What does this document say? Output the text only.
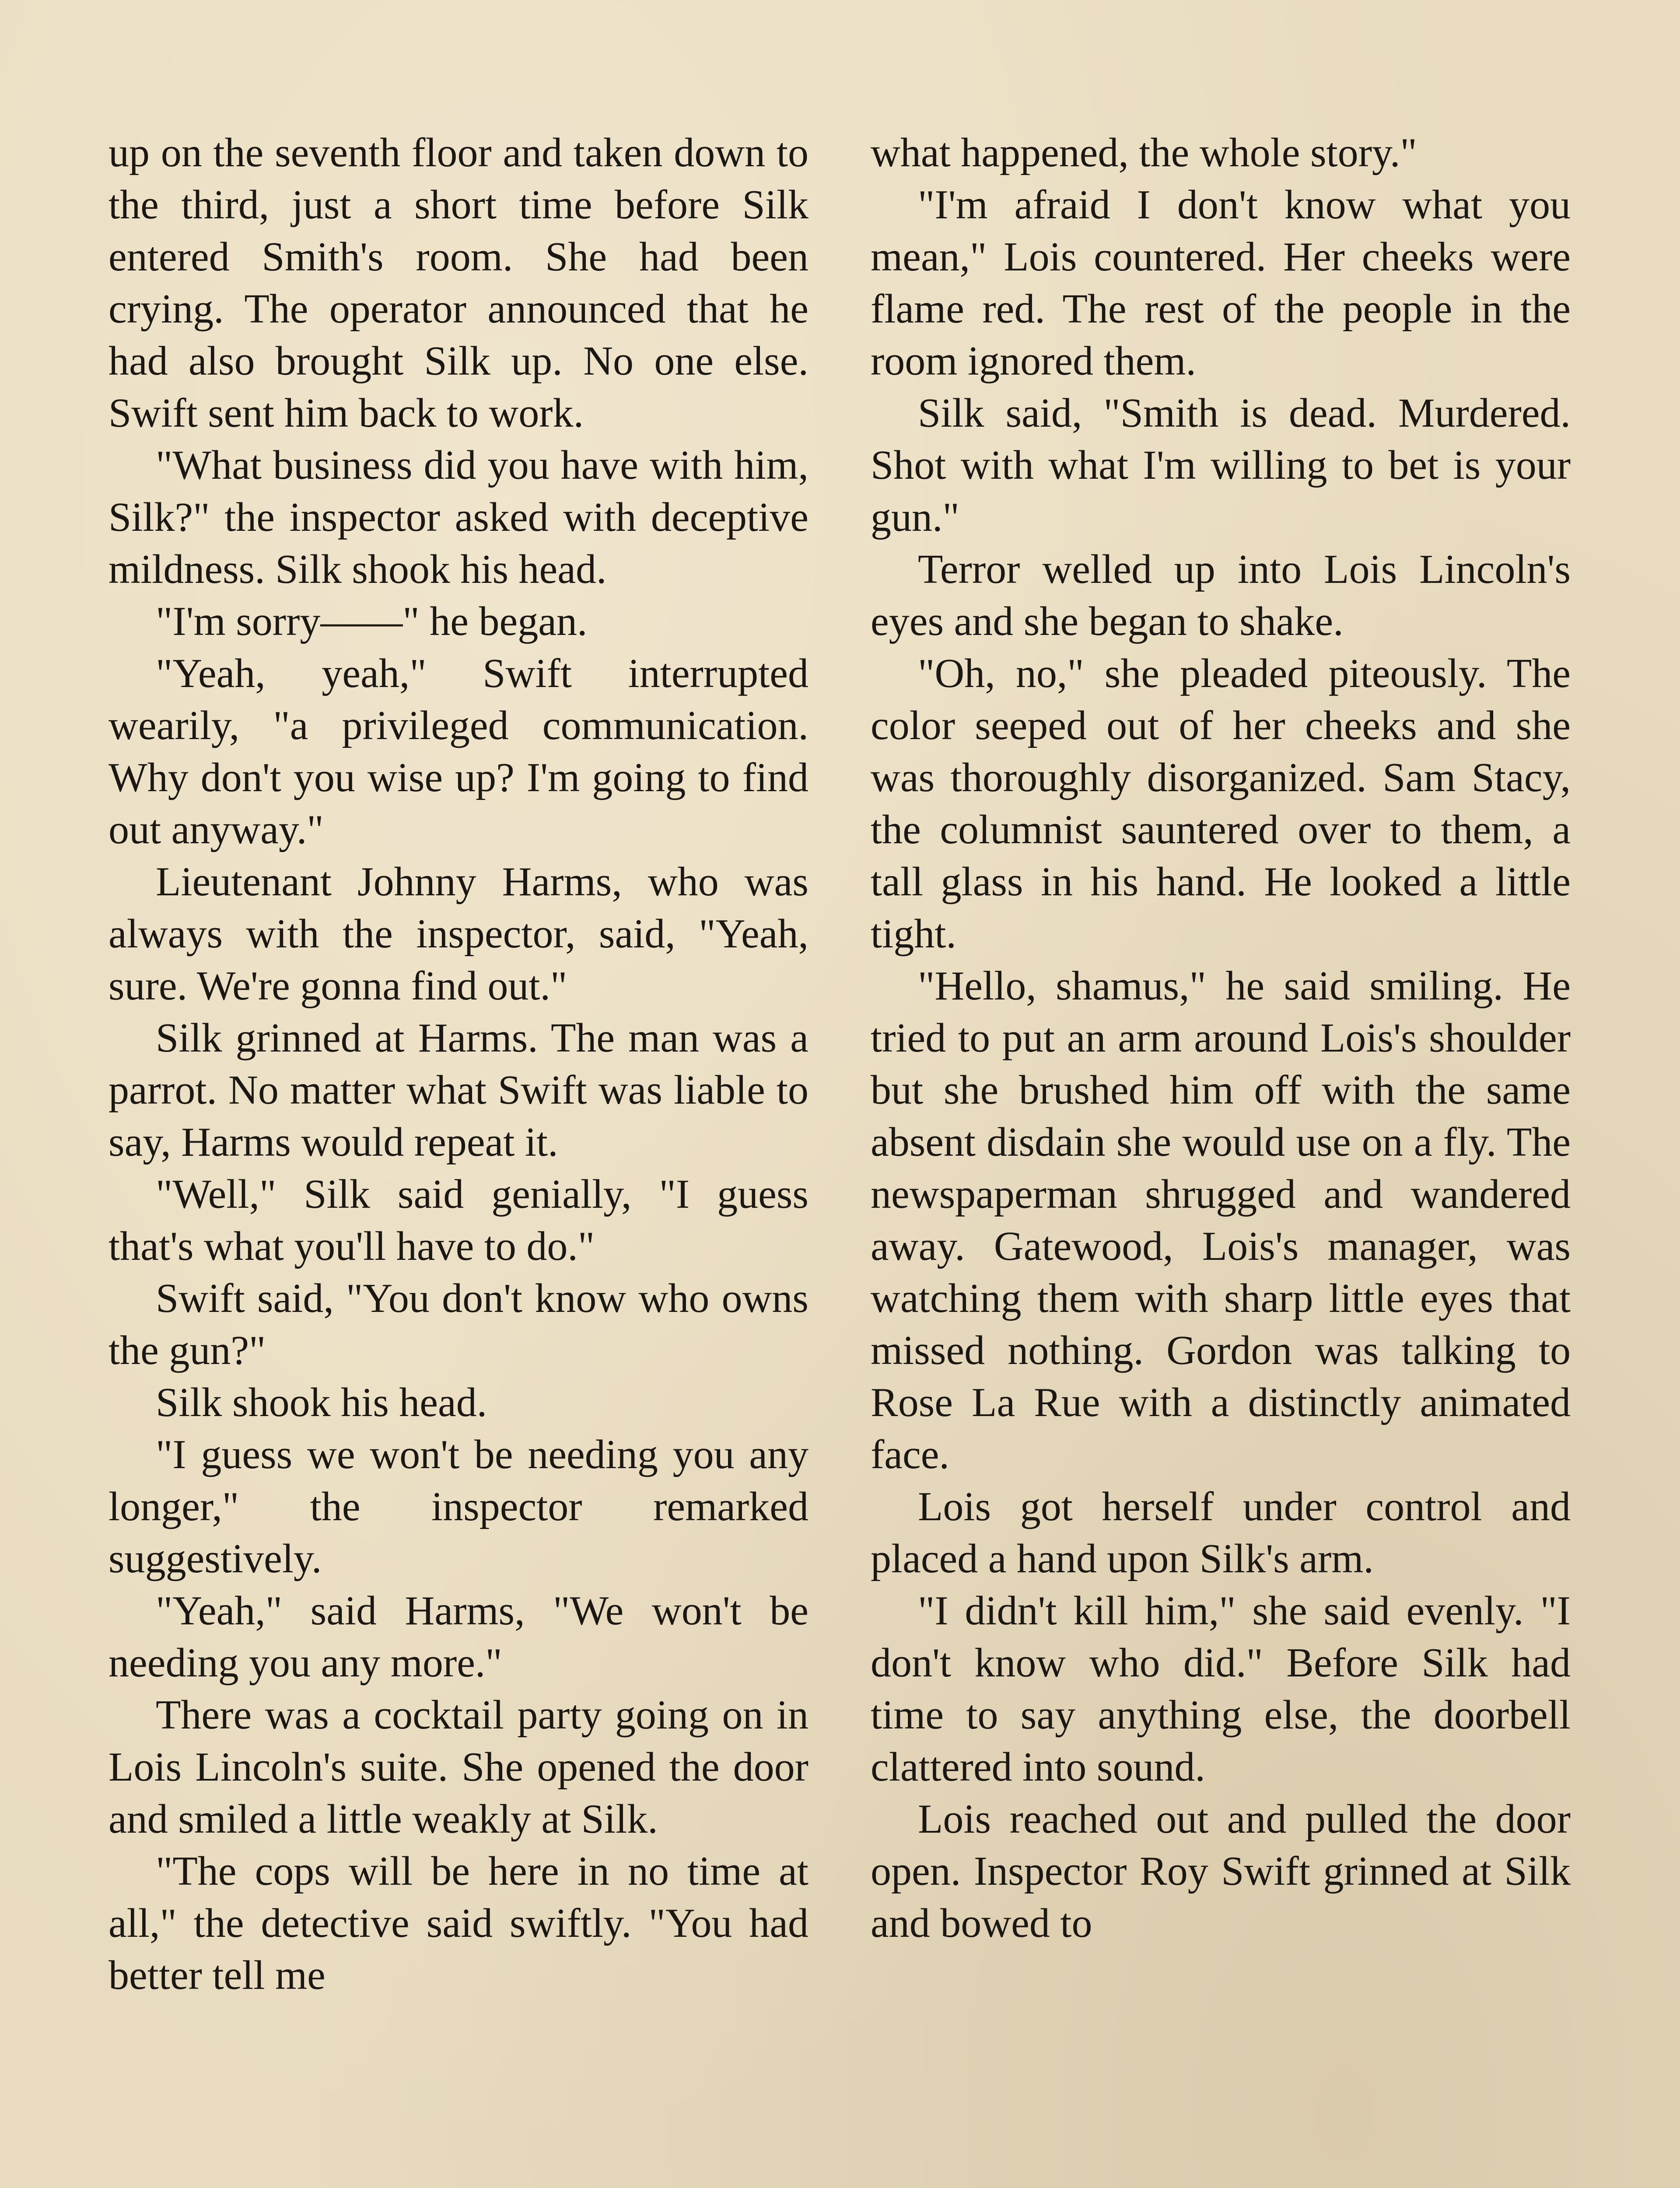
up on the seventh floor and taken down to the third, just a short time before Silk entered Smith's room. She had been crying. The operator announced that he had also brought Silk up. No one else. Swift sent him back to work.

"What business did you have with him, Silk?" the inspector asked with deceptive mildness. Silk shook his head.

"I'm sorry——" he began.

"Yeah, yeah," Swift interrupted wearily, "a privileged communication. Why don't you wise up? I'm going to find out anyway."

Lieutenant Johnny Harms, who was always with the inspector, said, "Yeah, sure. We're gonna find out."

Silk grinned at Harms. The man was a parrot. No matter what Swift was liable to say, Harms would repeat it.

"Well," Silk said genially, "I guess that's what you'll have to do."

Swift said, "You don't know who owns the gun?"

Silk shook his head.

"I guess we won't be needing you any longer," the inspector remarked suggestively.

"Yeah," said Harms, "We won't be needing you any more."

There was a cocktail party going on in Lois Lincoln's suite. She opened the door and smiled a little weakly at Silk.

"The cops will be here in no time at all," the detective said swiftly. "You had better tell me

what happened, the whole story."

"I'm afraid I don't know what you mean," Lois countered. Her cheeks were flame red. The rest of the people in the room ignored them.

Silk said, "Smith is dead. Murdered. Shot with what I'm willing to bet is your gun."

Terror welled up into Lois Lincoln's eyes and she began to shake.

"Oh, no," she pleaded piteously. The color seeped out of her cheeks and she was thoroughly disorganized. Sam Stacy, the columnist sauntered over to them, a tall glass in his hand. He looked a little tight.

"Hello, shamus," he said smiling. He tried to put an arm around Lois's shoulder but she brushed him off with the same absent disdain she would use on a fly. The newspaperman shrugged and wandered away. Gatewood, Lois's manager, was watching them with sharp little eyes that missed nothing. Gordon was talking to Rose La Rue with a distinctly animated face.

Lois got herself under control and placed a hand upon Silk's arm.

"I didn't kill him," she said evenly. "I don't know who did." Before Silk had time to say anything else, the doorbell clattered into sound.

Lois reached out and pulled the door open. Inspector Roy Swift grinned at Silk and bowed to
